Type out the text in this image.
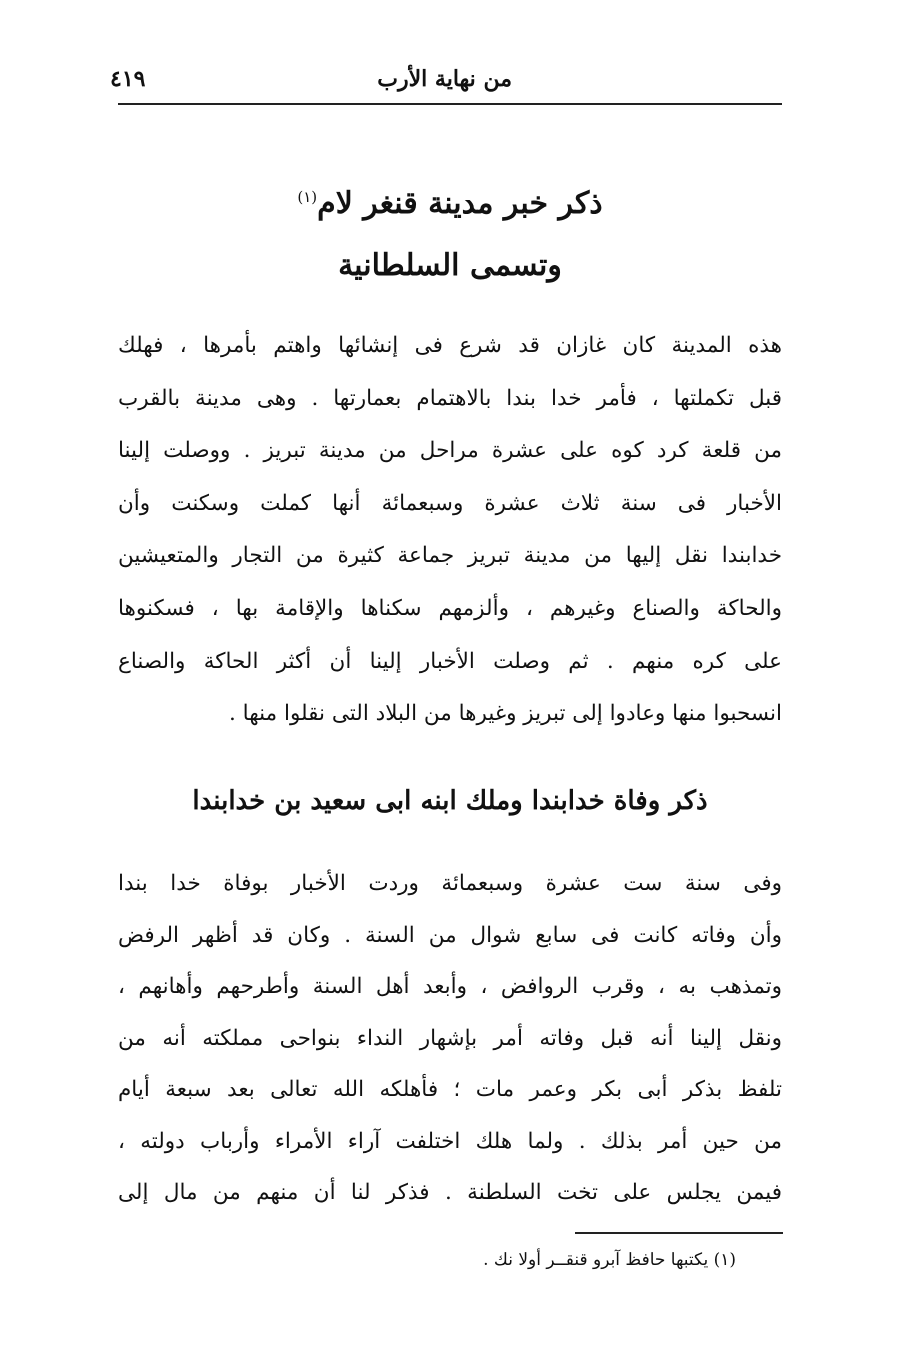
من نهاية الأرب
٤١٩
ذكر خبر مدينة قنغر لام$^{(١)}$
وتسمى السلطانية
هذه المدينة كان غازان قد شرع فى إنشائها واهتم بأمرها ، فهلك
قبل تكملتها ، فأمر خدا بندا بالاهتمام بعمارتها . وهى مدينة بالقرب
من قلعة كرد كوه على عشرة مراحل من مدينة تبريز . ووصلت إلينا
الأخبار فى سنة ثلاث عشرة وسبعمائة أنها كملت وسكنت وأن
خدابندا نقل إليها من مدينة تبريز جماعة كثيرة من التجار والمتعيشين
والحاكة والصناع وغيرهم ، وألزمهم سكناها والإقامة بها ، فسكنوها
على كره منهم . ثم وصلت الأخبار إلينا أن أكثر الحاكة والصناع
انسحبوا منها وعادوا إلى تبريز وغيرها من البلاد التى نقلوا منها .
ذكر وفاة خدابندا وملك ابنه ابى سعيد بن خدابندا
وفى سنة ست عشرة وسبعمائة وردت الأخبار بوفاة خدا بندا
وأن وفاته كانت فى سابع شوال من السنة . وكان قد أظهر الرفض
وتمذهب به ، وقرب الروافض ، وأبعد أهل السنة وأطرحهم وأهانهم ،
ونقل إلينا أنه قبل وفاته أمر بإشهار النداء بنواحى مملكته أنه من
تلفظ بذكر أبى بكر وعمر مات ؛ فأهلكه الله تعالى بعد سبعة أيام
من حين أمر بذلك . ولما هلك اختلفت آراء الأمراء وأرباب دولته ،
فيمن يجلس على تخت السلطنة . فذكر لنا أن منهم من مال إلى
(١) يكتبها حافظ آبرو قنقــر أولا نك .
